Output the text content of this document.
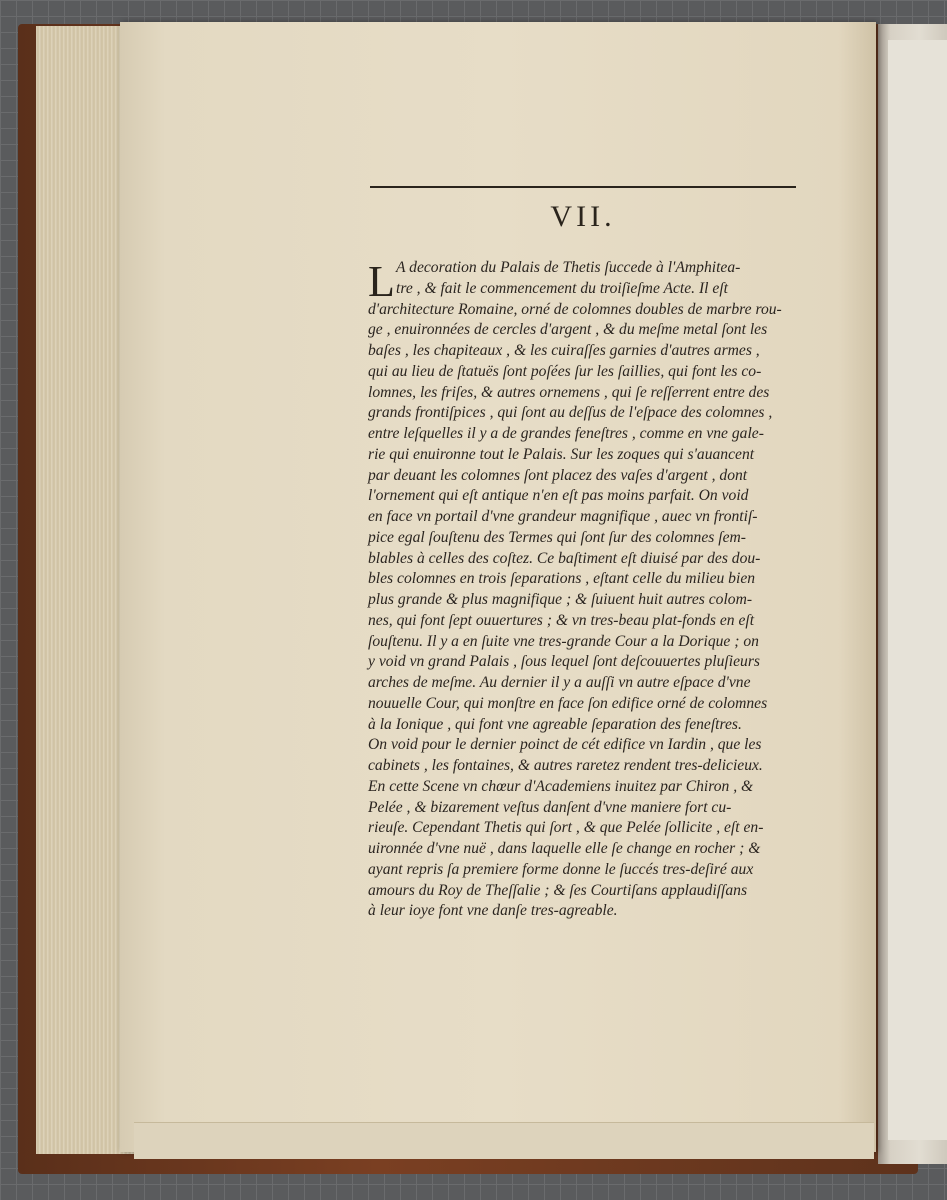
VII.
L A decoration du Palais de Thetis ſuccede à l'Amphitea-
tre , & fait le commencement du troiſieſme Acte. Il eſt
d'architecture Romaine, orné de colomnes doubles de marbre rou-
ge , enuironnées de cercles d'argent , & du meſme metal ſont les
baſes , les chapiteaux , & les cuiraſſes garnies d'autres armes ,
qui au lieu de ſtatuës ſont poſées ſur les ſaillies, qui font les co-
lomnes, les friſes, & autres ornemens , qui ſe reſſerrent entre des
grands frontiſpices , qui ſont au deſſus de l'eſpace des colomnes ,
entre leſquelles il y a de grandes feneſtres , comme en vne gale-
rie qui enuironne tout le Palais. Sur les zoques qui s'auancent
par deuant les colomnes ſont placez des vaſes d'argent , dont
l'ornement qui eſt antique n'en eſt pas moins parfait. On void
en face vn portail d'vne grandeur magnifique , auec vn frontiſ-
pice egal ſouſtenu des Termes qui ſont ſur des colomnes ſem-
blables à celles des coſtez. Ce baſtiment eſt diuisé par des dou-
bles colomnes en trois ſeparations , eſtant celle du milieu bien
plus grande & plus magnifique ; & ſuiuent huit autres colom-
nes, qui font ſept ouuertures ; & vn tres-beau plat-fonds en eſt
ſouſtenu. Il y a en ſuite vne tres-grande Cour a la Dorique ; on
y void vn grand Palais , ſous lequel ſont deſcouuertes pluſieurs
arches de meſme. Au dernier il y a auſſi vn autre eſpace d'vne
nouuelle Cour, qui monſtre en face ſon edifice orné de colomnes
à la Ionique , qui font vne agreable ſeparation des feneſtres.
On void pour le dernier poinct de cét edifice vn Iardin , que les
cabinets , les fontaines, & autres raretez rendent tres-delicieux.
En cette Scene vn chœur d'Academiens inuitez par Chiron , &
Pelée , & bizarement veſtus danſent d'vne maniere fort cu-
rieuſe. Cependant Thetis qui ſort , & que Pelée ſollicite , eſt en-
uironnée d'vne nuë , dans laquelle elle ſe change en rocher ; &
ayant repris ſa premiere forme donne le ſuccés tres-deſiré aux
amours du Roy de Theſſalie ; & ſes Courtiſans applaudiſſans
à leur ioye font vne danſe tres-agreable.
